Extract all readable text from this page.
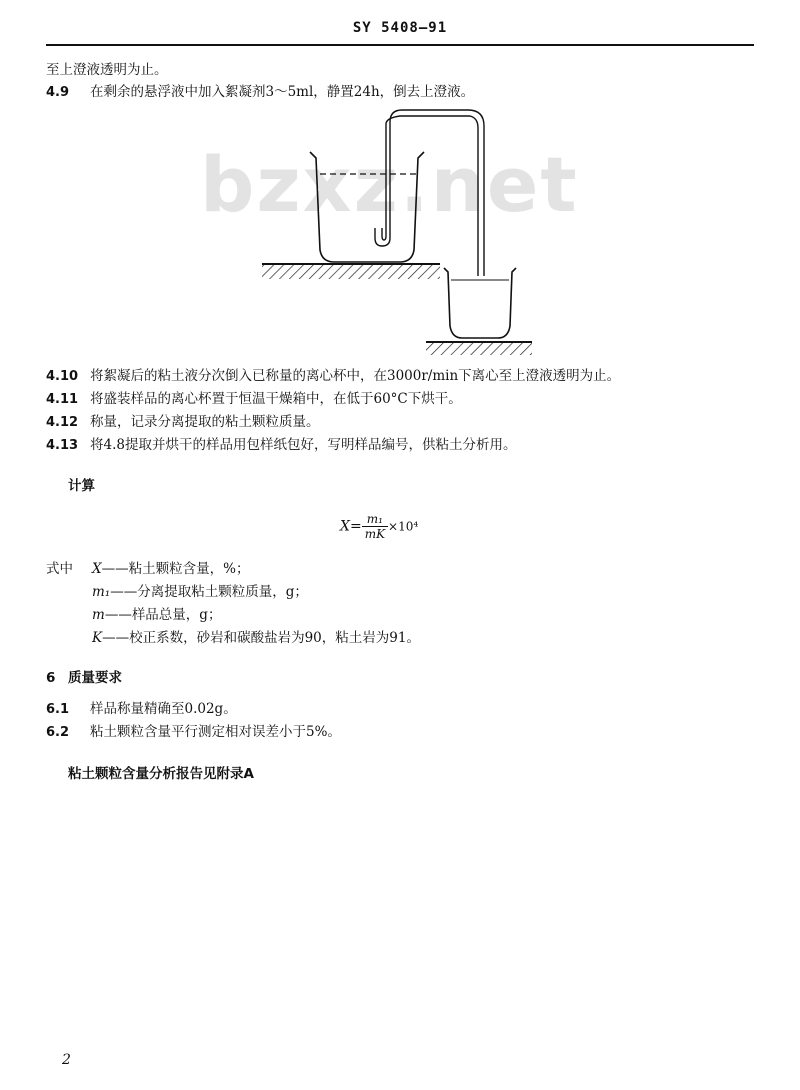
SY 5408—91
至上澄液透明为止。
4.9 在剩余的悬浮液中加入絮凝剂3～5ml，静置24h，倒去上澄液。
bzxz.net
4.10 将絮凝后的粘土液分次倒入已称量的离心杯中，在3000r/min下离心至上澄液透明为止。
4.11 将盛装样品的离心杯置于恒温干燥箱中，在低于60°C下烘干。
4.12 称量，记录分离提取的粘土颗粒质量。
4.13 将4.8提取并烘干的样品用包样纸包好，写明样品编号，供粘土分析用。
计算
$X= \frac{\text{m₁}}{mK} \times 10^4$
式中 X——粘土颗粒含量，%；
m₁——分离提取粘土颗粒质量，g；
m——样品总量，g；
K——校正系数，砂岩和碳酸盐岩为90，粘土岩为91。
6 质量要求
6.1 样品称量精确至0.02g。
6.2 粘土颗粒含量平行测定相对误差小于5%。
粘土颗粒含量分析报告见附录A
2
